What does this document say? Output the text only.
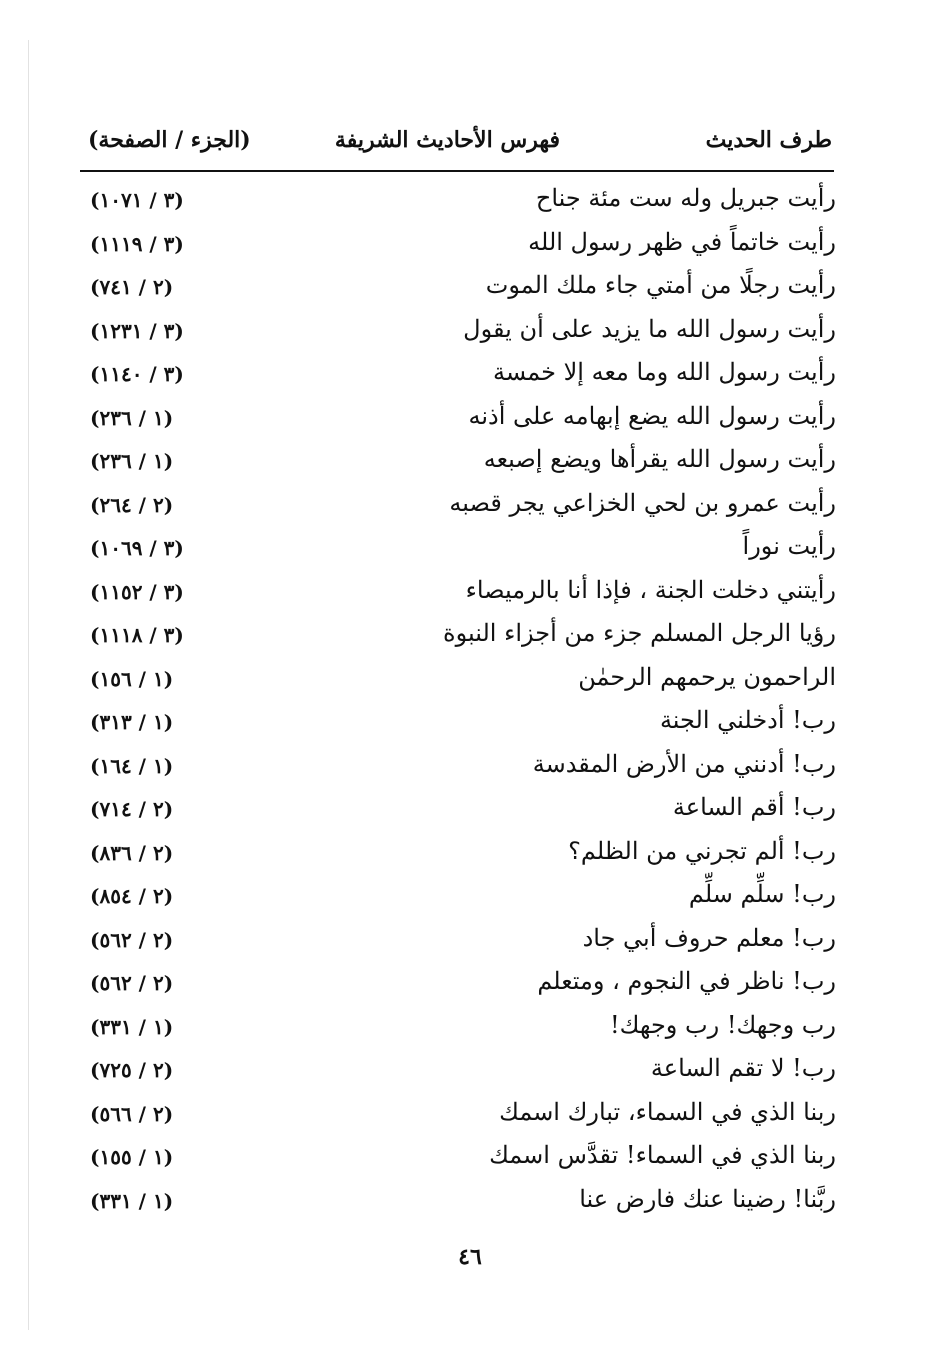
طرف الحديث
فهرس الأحاديث الشريفة
(الجزء / الصفحة)
رأيت جبريل وله ست مئة جناح
(٣ / ١٠٧١)
رأيت خاتماً في ظهر رسول الله
(٣ / ١١١٩)
رأيت رجلًا من أمتي جاء ملك الموت
(٢ / ٧٤١)
رأيت رسول الله ما يزيد على أن يقول
(٣ / ١٢٣١)
رأيت رسول الله وما معه إلا خمسة
(٣ / ١١٤٠)
رأيت رسول الله يضع إبهامه على أذنه
(١ / ٢٣٦)
رأيت رسول الله يقرأها ويضع إصبعه
(١ / ٢٣٦)
رأيت عمرو بن لحي الخزاعي يجر قصبه
(٢ / ٢٦٤)
رأيت نوراً
(٣ / ١٠٦٩)
رأيتني دخلت الجنة ، فإذا أنا بالرميصاء
(٣ / ١١٥٢)
رؤيا الرجل المسلم جزء من أجزاء النبوة
(٣ / ١١١٨)
الراحمون يرحمهم الرحمٰن
(١ / ١٥٦)
رب! أدخلني الجنة
(١ / ٣١٣)
رب! أدنني من الأرض المقدسة
(١ / ١٦٤)
رب! أقم الساعة
(٢ / ٧١٤)
رب! ألم تجرني من الظلم؟
(٢ / ٨٣٦)
رب! سلِّم سلِّم
(٢ / ٨٥٤)
رب! معلم حروف أبي جاد
(٢ / ٥٦٢)
رب! ناظر في النجوم ، ومتعلم
(٢ / ٥٦٢)
رب وجهك! رب وجهك!
(١ / ٣٣١)
رب! لا تقم الساعة
(٢ / ٧٢٥)
ربنا الذي في السماء، تبارك اسمك
(٢ / ٥٦٦)
ربنا الذي في السماء! تقدَّس اسمك
(١ / ١٥٥)
ربَّنا! رضينا عنك فارض عنا
(١ / ٣٣١)
٤٦
